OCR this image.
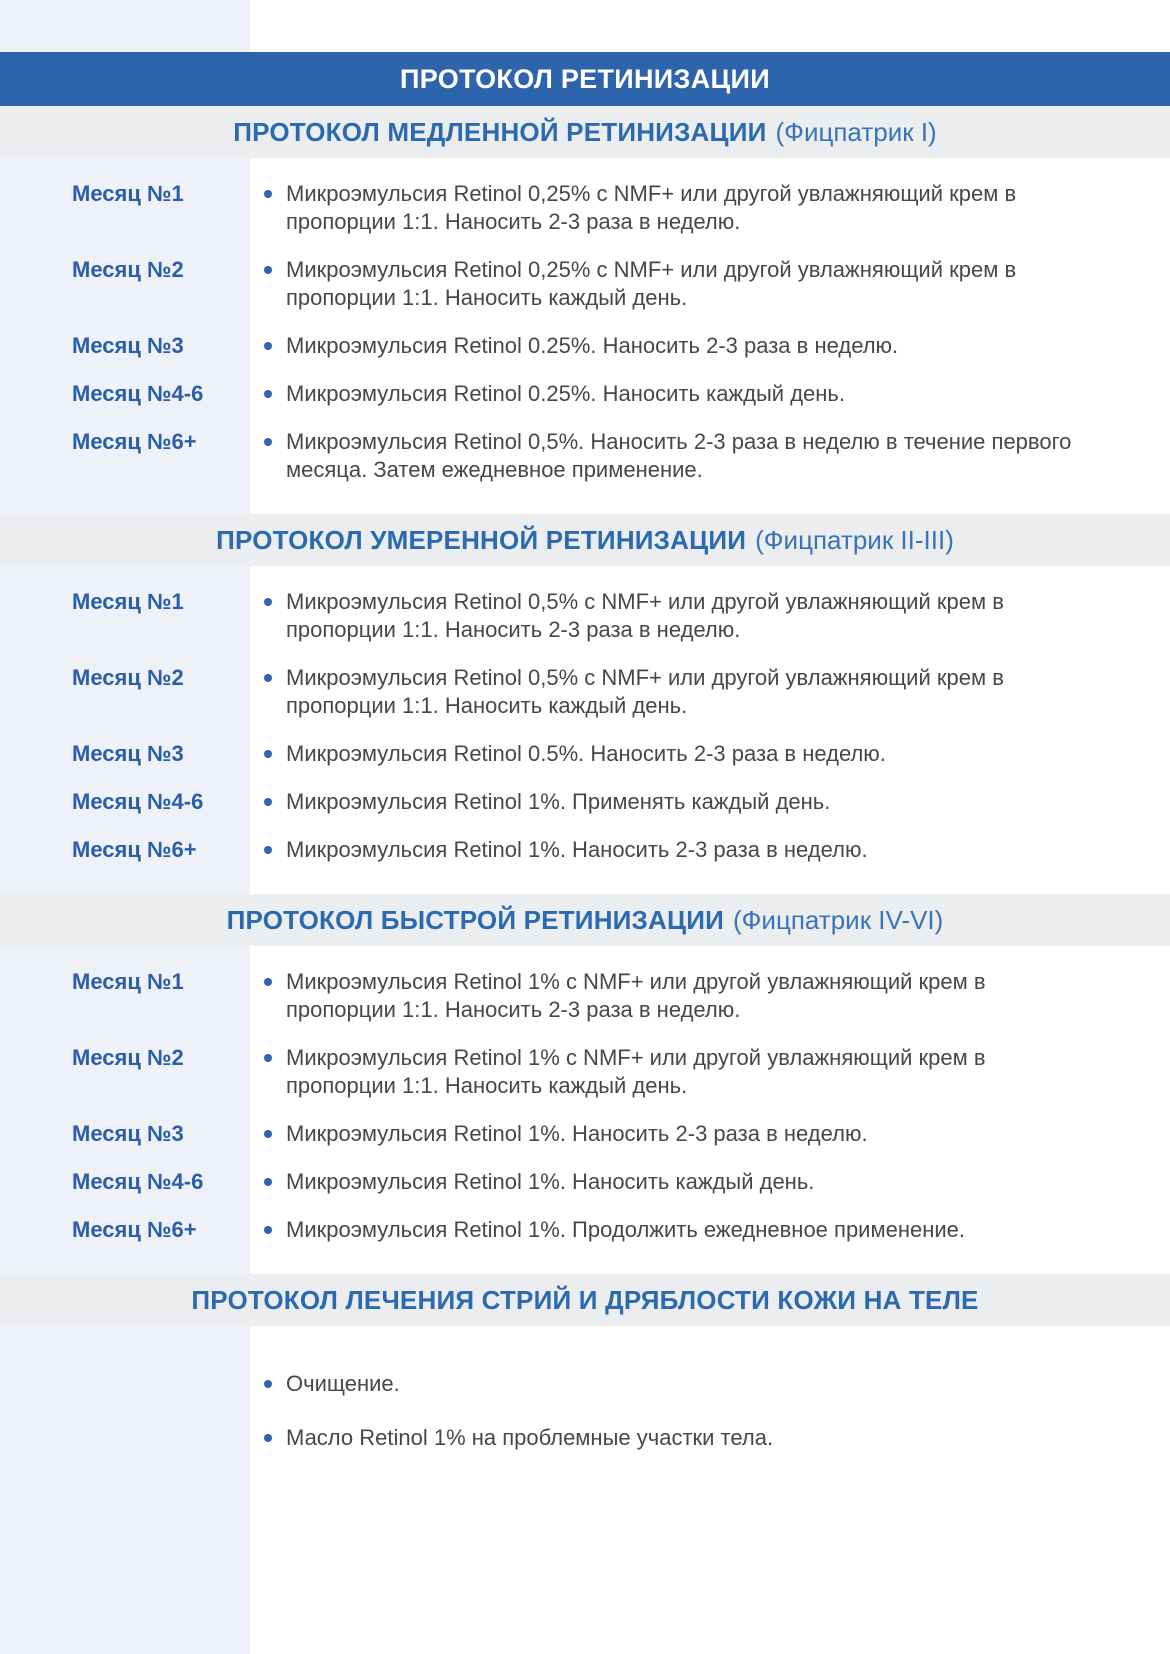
ПРОТОКОЛ РЕТИНИЗАЦИИ
ПРОТОКОЛ МЕДЛЕННОЙ РЕТИНИЗАЦИИ (Фицпатрик I)
Месяц №1	Микроэмульсия Retinol 0,25% с NMF+ или другой увлажняющий крем в пропорции 1:1. Наносить 2-3 раза в неделю.
Месяц №2	Микроэмульсия Retinol 0,25% с NMF+ или другой увлажняющий крем в пропорции 1:1. Наносить каждый день.
Месяц №3	Микроэмульсия Retinol 0.25%. Наносить 2-3 раза в неделю.
Месяц №4-6	Микроэмульсия Retinol 0.25%. Наносить каждый день.
Месяц №6+	Микроэмульсия Retinol 0,5%. Наносить 2-3 раза в неделю в течение первого месяца. Затем ежедневное применение.
ПРОТОКОЛ УМЕРЕННОЙ РЕТИНИЗАЦИИ (Фицпатрик II-III)
Месяц №1	Микроэмульсия Retinol 0,5% с NMF+ или другой увлажняющий крем в пропорции 1:1. Наносить 2-3 раза в неделю.
Месяц №2	Микроэмульсия Retinol 0,5% с NMF+ или другой увлажняющий крем в пропорции 1:1. Наносить каждый день.
Месяц №3	Микроэмульсия Retinol 0.5%. Наносить 2-3 раза в неделю.
Месяц №4-6	Микроэмульсия Retinol 1%. Применять каждый день.
Месяц №6+	Микроэмульсия Retinol 1%. Наносить 2-3 раза в неделю.
ПРОТОКОЛ БЫСТРОЙ РЕТИНИЗАЦИИ (Фицпатрик IV-VI)
Месяц №1	Микроэмульсия Retinol 1% с NMF+ или другой увлажняющий крем в пропорции 1:1. Наносить 2-3 раза в неделю.
Месяц №2	Микроэмульсия Retinol 1% с NMF+ или другой увлажняющий крем в пропорции 1:1. Наносить каждый день.
Месяц №3	Микроэмульсия Retinol 1%. Наносить 2-3 раза в неделю.
Месяц №4-6	Микроэмульсия Retinol 1%. Наносить каждый день.
Месяц №6+	Микроэмульсия Retinol 1%. Продолжить ежедневное применение.
ПРОТОКОЛ ЛЕЧЕНИЯ СТРИЙ И ДРЯБЛОСТИ КОЖИ НА ТЕЛЕ
Очищение.
Масло Retinol 1% на проблемные участки тела.
